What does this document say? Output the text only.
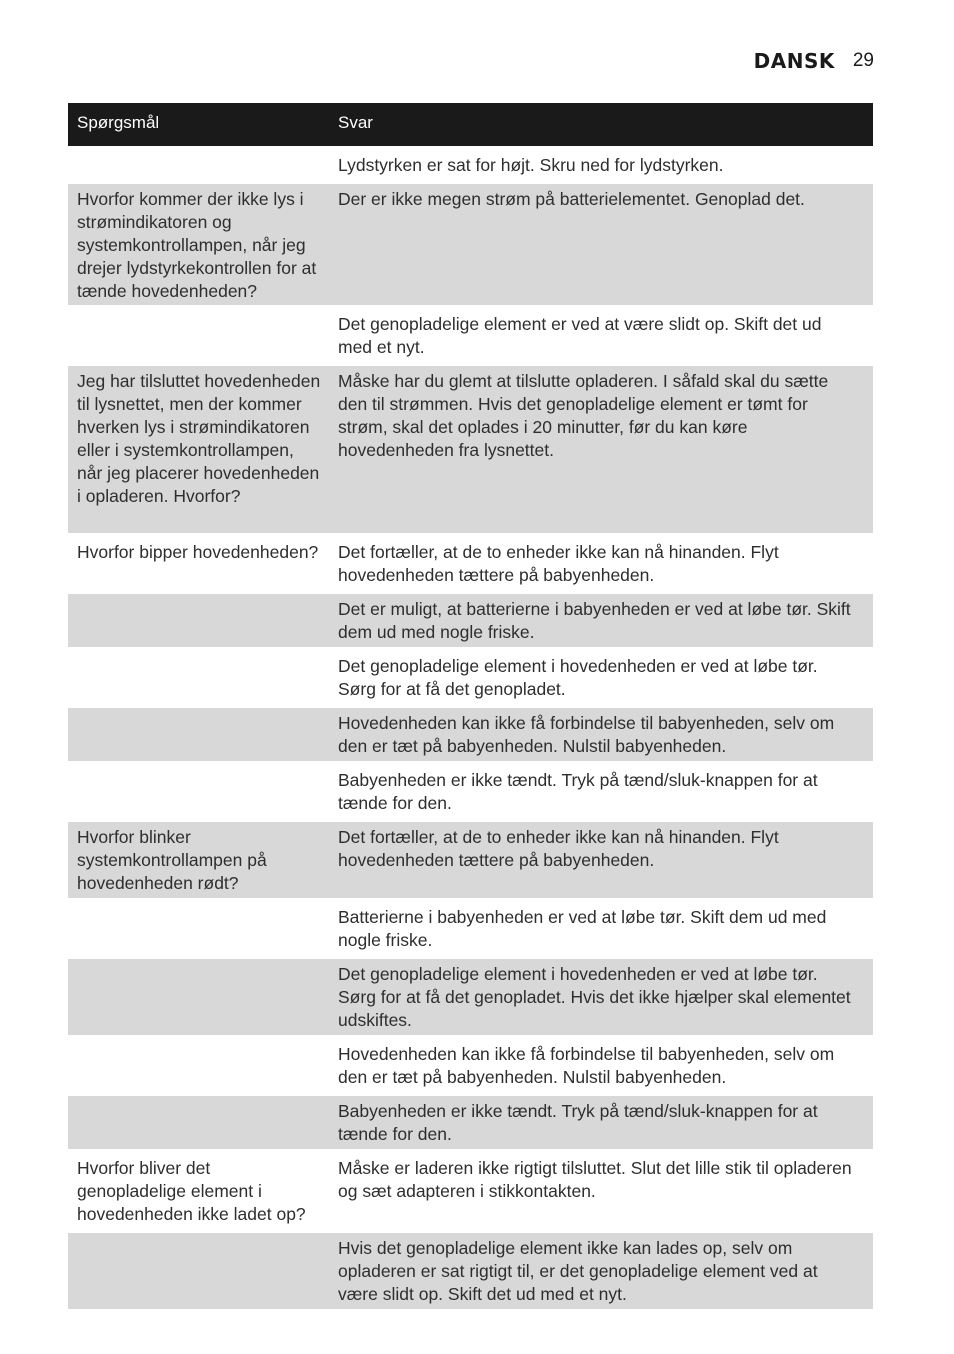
DANSK 29
Spørgsmål	Svar
Lydstyrken er sat for højt. Skru ned for lydstyrken.
Hvorfor kommer der ikke lys i strømindikatoren og systemkontrollampen, når jeg drejer lydstyrkekontrollen for at tænde hovedenheden?
Der er ikke megen strøm på batterielementet. Genoplad det.
Det genopladelige element er ved at være slidt op. Skift det ud med et nyt.
Jeg har tilsluttet hovedenheden til lysnettet, men der kommer hverken lys i strømindikatoren eller i systemkontrollampen, når jeg placerer hovedenheden i opladeren. Hvorfor?
Måske har du glemt at tilslutte opladeren. I såfald skal du sætte den til strømmen. Hvis det genopladelige element er tømt for strøm, skal det oplades i 20 minutter, før du kan køre hovedenheden fra lysnettet.
Hvorfor bipper hovedenheden?	Det fortæller, at de to enheder ikke kan nå hinanden. Flyt hovedenheden tættere på babyenheden.
Det er muligt, at batterierne i babyenheden er ved at løbe tør. Skift dem ud med nogle friske.
Det genopladelige element i hovedenheden er ved at løbe tør. Sørg for at få det genopladet.
Hovedenheden kan ikke få forbindelse til babyenheden, selv om den er tæt på babyenheden. Nulstil babyenheden.
Babyenheden er ikke tændt. Tryk på tænd/sluk-knappen for at tænde for den.
Hvorfor blinker systemkontrollampen på hovedenheden rødt?
Det fortæller, at de to enheder ikke kan nå hinanden. Flyt hovedenheden tættere på babyenheden.
Batterierne i babyenheden er ved at løbe tør. Skift dem ud med nogle friske.
Det genopladelige element i hovedenheden er ved at løbe tør. Sørg for at få det genopladet. Hvis det ikke hjælper skal elementet udskiftes.
Hovedenheden kan ikke få forbindelse til babyenheden, selv om den er tæt på babyenheden. Nulstil babyenheden.
Babyenheden er ikke tændt. Tryk på tænd/sluk-knappen for at tænde for den.
Hvorfor bliver det genopladelige element i hovedenheden ikke ladet op?
Måske er laderen ikke rigtigt tilsluttet. Slut det lille stik til opladeren og sæt adapteren i stikkontakten.
Hvis det genopladelige element ikke kan lades op, selv om opladeren er sat rigtigt til, er det genopladelige element ved at være slidt op. Skift det ud med et nyt.
